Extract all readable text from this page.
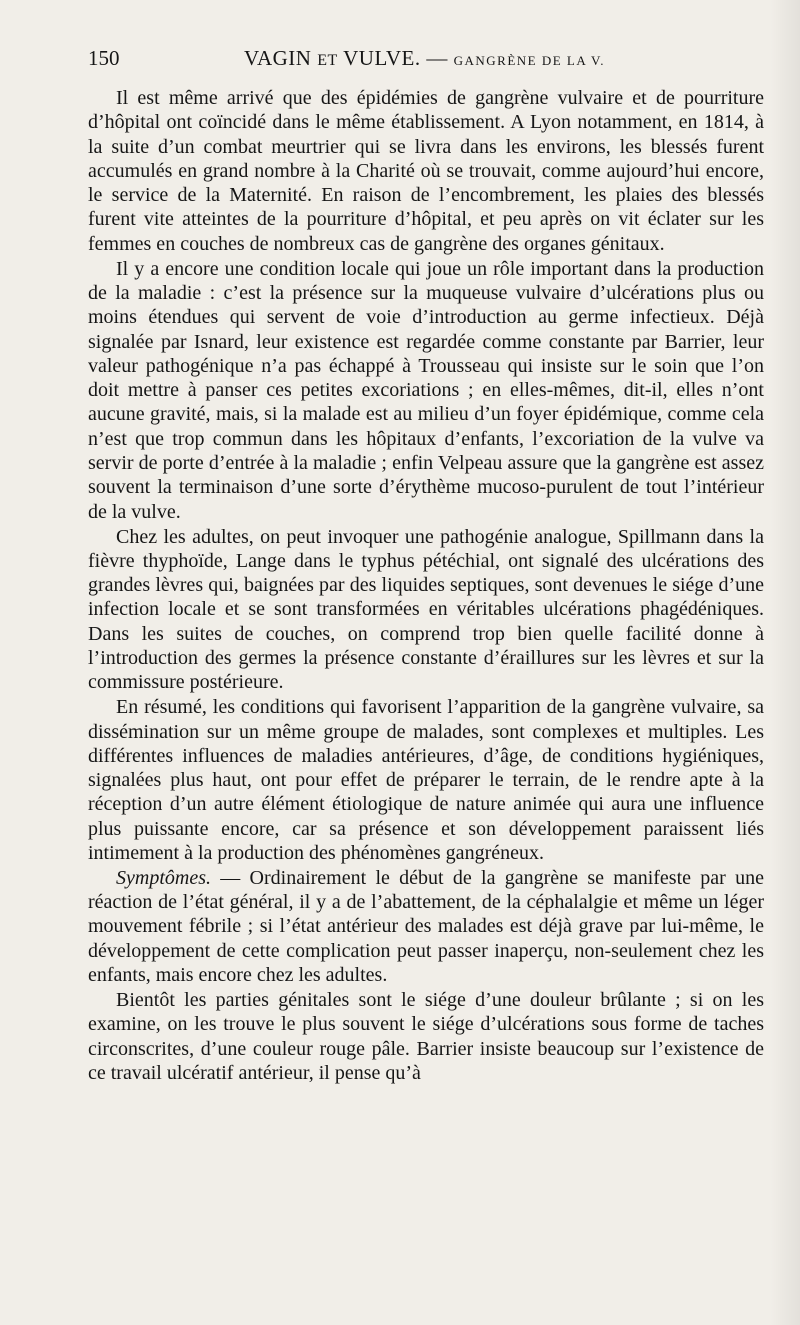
150	VAGIN ET VULVE. — GANGRÈNE DE LA V.

Il est même arrivé que des épidémies de gangrène vulvaire et de pourriture d’hôpital ont coïncidé dans le même établissement. A Lyon notamment, en 1814, à la suite d’un combat meurtrier qui se livra dans les environs, les blessés furent accumulés en grand nombre à la Charité où se trouvait, comme aujourd’hui encore, le service de la Maternité. En raison de l’encombrement, les plaies des blessés furent vite atteintes de la pourriture d’hôpital, et peu après on vit éclater sur les femmes en couches de nombreux cas de gangrène des organes génitaux.

Il y a encore une condition locale qui joue un rôle important dans la production de la maladie : c’est la présence sur la muqueuse vulvaire d’ulcérations plus ou moins étendues qui servent de voie d’introduction au germe infectieux. Déjà signalée par Isnard, leur existence est regardée comme constante par Barrier, leur valeur pathogénique n’a pas échappé à Trousseau qui insiste sur le soin que l’on doit mettre à panser ces petites excoriations ; en elles-mêmes, dit-il, elles n’ont aucune gravité, mais, si la malade est au milieu d’un foyer épidémique, comme cela n’est que trop commun dans les hôpitaux d’enfants, l’excoriation de la vulve va servir de porte d’entrée à la maladie ; enfin Velpeau assure que la gangrène est assez souvent la terminaison d’une sorte d’érythème mucoso-purulent de tout l’intérieur de la vulve.

Chez les adultes, on peut invoquer une pathogénie analogue, Spillmann dans la fièvre thyphoïde, Lange dans le typhus pétéchial, ont signalé des ulcérations des grandes lèvres qui, baignées par des liquides septiques, sont devenues le siége d’une infection locale et se sont transformées en véritables ulcérations phagédéniques. Dans les suites de couches, on comprend trop bien quelle facilité donne à l’introduction des germes la présence constante d’éraillures sur les lèvres et sur la commissure postérieure.

En résumé, les conditions qui favorisent l’apparition de la gangrène vulvaire, sa dissémination sur un même groupe de malades, sont complexes et multiples. Les différentes influences de maladies antérieures, d’âge, de conditions hygiéniques, signalées plus haut, ont pour effet de préparer le terrain, de le rendre apte à la réception d’un autre élément étiologique de nature animée qui aura une influence plus puissante encore, car sa présence et son développement paraissent liés intimement à la production des phénomènes gangréneux.

Symptômes. — Ordinairement le début de la gangrène se manifeste par une réaction de l’état général, il y a de l’abattement, de la céphalalgie et même un léger mouvement fébrile ; si l’état antérieur des malades est déjà grave par lui-même, le développement de cette complication peut passer inaperçu, non-seulement chez les enfants, mais encore chez les adultes.

Bientôt les parties génitales sont le siége d’une douleur brûlante ; si on les examine, on les trouve le plus souvent le siége d’ulcérations sous forme de taches circonscrites, d’une couleur rouge pâle. Barrier insiste beaucoup sur l’existence de ce travail ulcératif antérieur, il pense qu’à
